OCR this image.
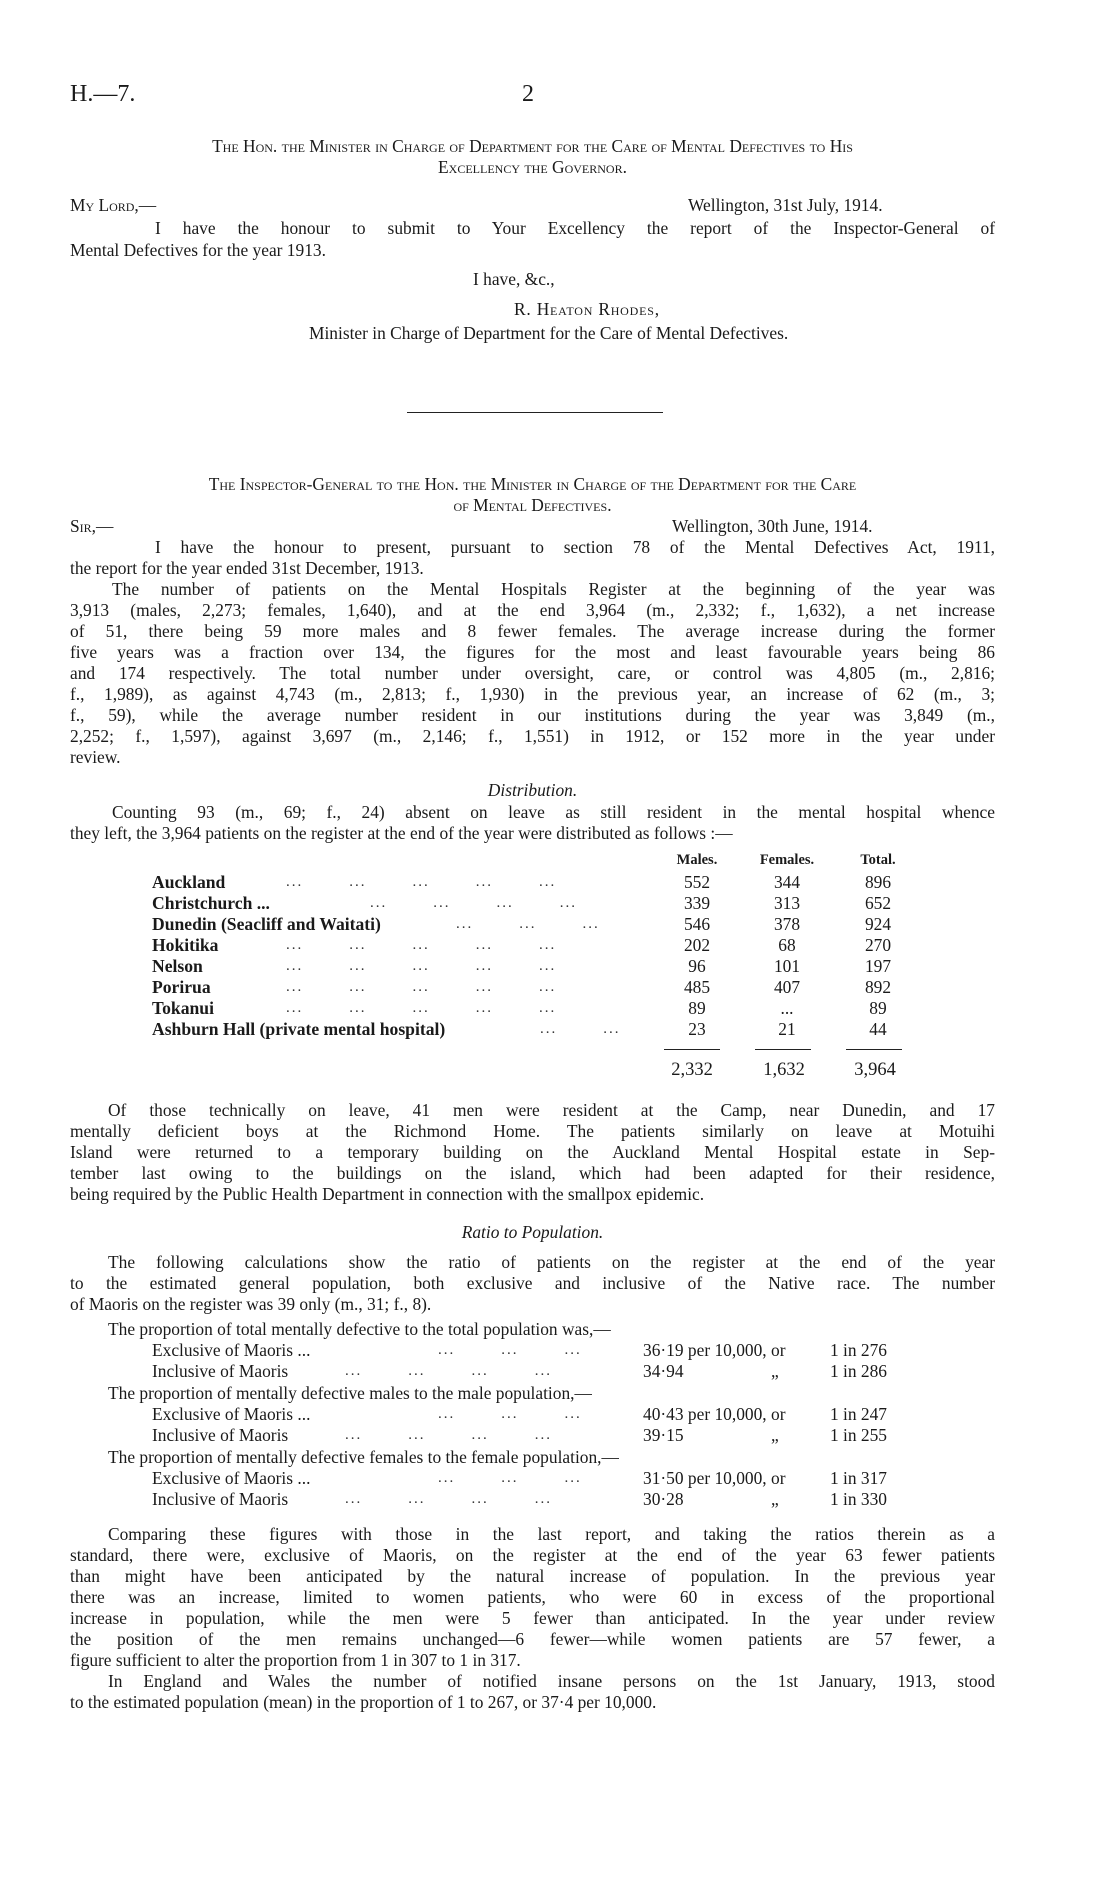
H.—7.	2
The Hon. the Minister in Charge of Department for the Care of Mental Defectives to His
Excellency the Governor.
My Lord,—	Wellington, 31st July, 1914.
I have the honour to submit to Your Excellency the report of the Inspector-General of
Mental Defectives for the year 1913.
I have, &c.,
R. Heaton Rhodes,
Minister in Charge of Department for the Care of Mental Defectives.
The Inspector-General to the Hon. the Minister in Charge of the Department for the Care
of Mental Defectives.
Sir,—	Wellington, 30th June, 1914.
I have the honour to present, pursuant to section 78 of the Mental Defectives Act, 1911,
the report for the year ended 31st December, 1913.
The number of patients on the Mental Hospitals Register at the beginning of the year was
3,913 (males, 2,273; females, 1,640), and at the end 3,964 (m., 2,332; f., 1,632), a net increase
of 51, there being 59 more males and 8 fewer females. The average increase during the former
five years was a fraction over 134, the figures for the most and least favourable years being 86
and 174 respectively. The total number under oversight, care, or control was 4,805 (m., 2,816;
f., 1,989), as against 4,743 (m., 2,813; f., 1,930) in the previous year, an increase of 62 (m., 3;
f., 59), while the average number resident in our institutions during the year was 3,849 (m.,
2,252; f., 1,597), against 3,697 (m., 2,146; f., 1,551) in 1912, or 152 more in the year under
review.
Distribution.
Counting 93 (m., 69; f., 24) absent on leave as still resident in the mental hospital whence
they left, the 3,964 patients on the register at the end of the year were distributed as follows :—
Males.	Females.	Total.
Auckland	...        ...        ...        ...        ...	552	344	896
Christchurch ...	...        ...        ...        ...	339	313	652
Dunedin (Seacliff and Waitati)	...        ...        ...	546	378	924
Hokitika	...        ...        ...        ...        ...	202	68	270
Nelson	...        ...        ...        ...        ...	96	101	197
Porirua	...        ...        ...        ...        ...	485	407	892
Tokanui	...        ...        ...        ...        ...	89	...	89
Ashburn Hall (private mental hospital)	...        ...	23	21	44
2,332	1,632	3,964
Of those technically on leave, 41 men were resident at the Camp, near Dunedin, and 17
mentally deficient boys at the Richmond Home. The patients similarly on leave at Motuihi
Island were returned to a temporary building on the Auckland Mental Hospital estate in Sep-
tember last owing to the buildings on the island, which had been adapted for their residence,
being required by the Public Health Department in connection with the smallpox epidemic.
Ratio to Population.
The following calculations show the ratio of patients on the register at the end of the year
to the estimated general population, both exclusive and inclusive of the Native race. The number
of Maoris on the register was 39 only (m., 31; f., 8).
The proportion of total mentally defective to the total population was,—
Exclusive of Maoris ...	...        ...        ...	36·19 per 10,000, or	1 in 276
Inclusive of Maoris	...        ...        ...        ...	34·94	„	1 in 286
The proportion of mentally defective males to the male population,—
Exclusive of Maoris ...	...        ...        ...	40·43 per 10,000, or	1 in 247
Inclusive of Maoris	...        ...        ...        ...	39·15	„	1 in 255
The proportion of mentally defective females to the female population,—
Exclusive of Maoris ...	...        ...        ...	31·50 per 10,000, or	1 in 317
Inclusive of Maoris	...        ...        ...        ...	30·28	„	1 in 330
Comparing these figures with those in the last report, and taking the ratios therein as a
standard, there were, exclusive of Maoris, on the register at the end of the year 63 fewer patients
than might have been anticipated by the natural increase of population. In the previous year
there was an increase, limited to women patients, who were 60 in excess of the proportional
increase in population, while the men were 5 fewer than anticipated. In the year under review
the position of the men remains unchanged—6 fewer—while women patients are 57 fewer, a
figure sufficient to alter the proportion from 1 in 307 to 1 in 317.
In England and Wales the number of notified insane persons on the 1st January, 1913, stood
to the estimated population (mean) in the proportion of 1 to 267, or 37·4 per 10,000.
